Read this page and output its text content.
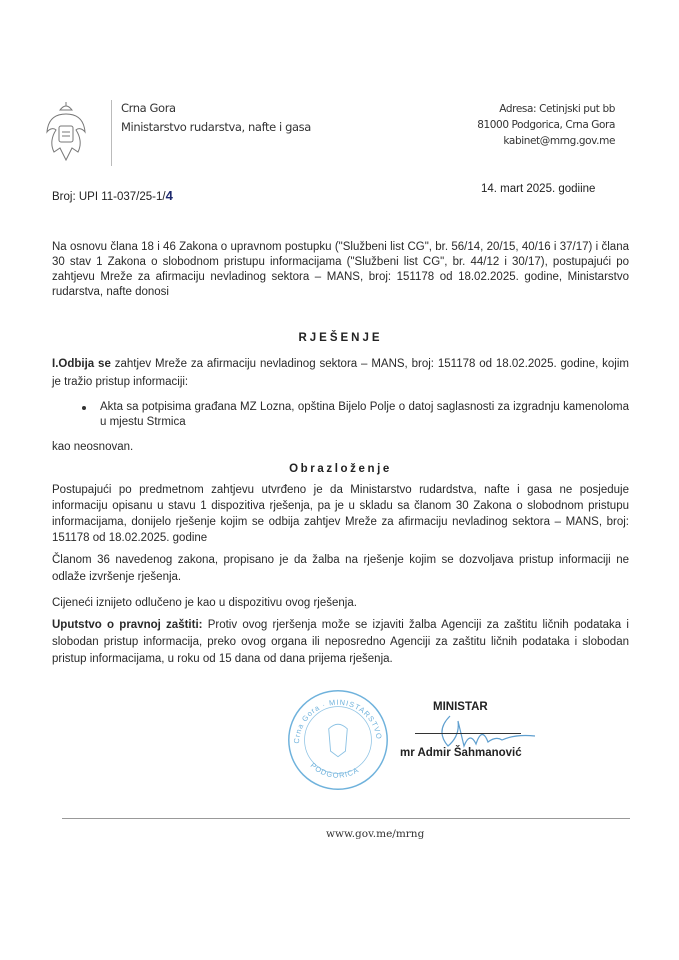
Crna Gora
Ministarstvo rudarstva, nafte i gasa
Adresa: Cetinjski put bb
81000 Podgorica, Crna Gora
kabinet@mrng.gov.me
Broj: UPI 11-037/25-1/4	14. mart 2025. godiine

Na osnovu člana 18 i 46 Zakona o upravnom postupku ("Službeni list CG", br. 56/14, 20/15, 40/16 i 37/17) i člana 30 stav 1 Zakona o slobodnom pristupu informacijama ("Službeni list CG", br. 44/12 i 30/17), postupajući po zahtjevu Mreže za afirmaciju nevladinog sektora – MANS, broj: 151178 od 18.02.2025. godine, Ministarstvo rudarstva, nafte donosi

RJEŠENJE

I.Odbija se zahtjev Mreže za afirmaciju nevladinog sektora – MANS, broj: 151178 od 18.02.2025. godine, kojim je tražio pristup informaciji:

Akta sa potpisima građana MZ Lozna, opština Bijelo Polje o datoj saglasnosti za izgradnju kamenoloma u mjestu Strmica

kao neosnovan.

Obrazloženje

Postupajući po predmetnom zahtjevu utvrđeno je da Ministarstvo rudardstva, nafte i gasa ne posjeduje informaciju opisanu u stavu 1 dispozitiva rješenja, pa je u skladu sa članom 30 Zakona o slobodnom pristupu informacijama, donijelo rješenje kojim se odbija zahtjev Mreže za afirmaciju nevladinog sektora – MANS, broj: 151178 od 18.02.2025. godine

Članom 36 navedenog zakona, propisano je da žalba na rješenje kojim se dozvoljava pristup informaciji ne odlaže izvršenje rješenja.

Cijeneći iznijeto odlučeno je kao u dispozitivu ovog rješenja.

Uputstvo o pravnoj zaštiti: Protiv ovog rjeršenja može se izjaviti žalba Agenciji za zaštitu ličnih podataka i slobodan pristup informacija, preko ovog organa ili neposredno Agenciji za zaštitu ličnih podataka i slobodan pristup informacijama, u roku od 15 dana od dana prijema rješenja.

Crna Gora · MINISTARSTVO
PODGORICA
MINISTAR
mr Admir Šahmanović
www.gov.me/mrng
